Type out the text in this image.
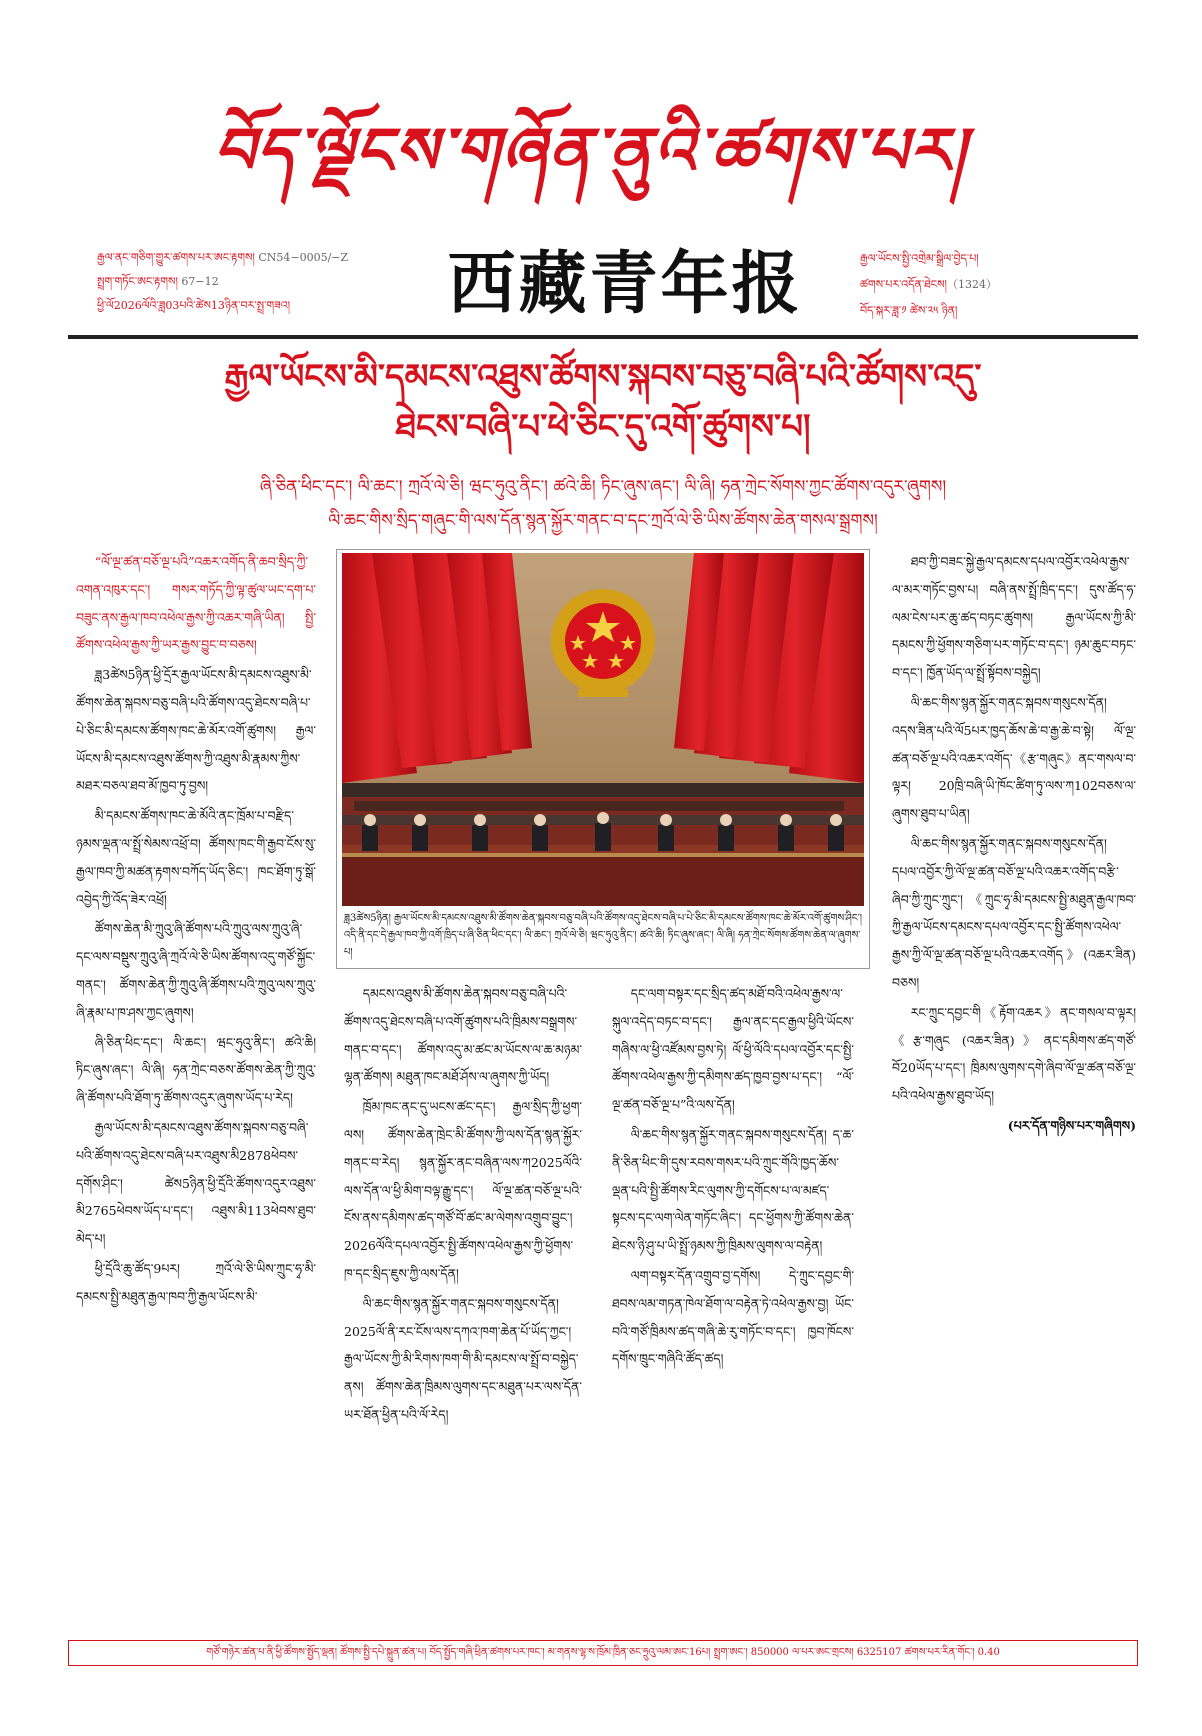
བོད་ལྗོངས་གཞོན་ནུའི་ཚགས་པར།
རྒྱལ་ནང་གཅིག་གྱུར་ཚགས་པར་ཨང་རྟགས། CN54−0005/−Z
སྤྲག་གཏོང་ཨང་རྟགས། 67−12
ཕྱི་ལོ2026ལོའི་ཟླ03པའི་ཚེས13ཉིན་བར་སྤྲ་གཟའ།	西藏青年报	རྒྱལ་ཡོངས་སྤྱི་འགྲེམ་སྒྲིལ་བྱེད་པ།
ཚགས་པར་འདོན་ཐེངས།（1324）
བོད་སྐར་ཟླ་༡ ཚེས་༢༥ ཉིན།
རྒྱལ་ཡོངས་མི་དམངས་འཐུས་ཚོགས་སྐབས་བཅུ་བཞི་པའི་ཚོགས་འདུ་
ཐེངས་བཞི་པ་ཕེ་ཅིང་དུ་འགོ་ཚུགས་པ།
ཞི་ཅིན་ཕིང་དང་། ལི་ཆང་། ཀྲའོ་ལེ་ཅི། ཝང་ཧུའུ་ནིང་། ཚའེ་ཆི། ཏིང་ཞུས་ཞང་། ལི་ཞི། ཧན་ཀྲེང་སོགས་ཀྱང་ཚོགས་འདུར་ཞུགས།
ལི་ཆང་གིས་སྲིད་གཞུང་གི་ལས་དོན་སྙན་སྐྱོར་གནང་བ་དང་ཀྲའོ་ལེ་ཅི་ཡིས་ཚོགས་ཆེན་གསལ་སྒྲགས།

“ལོ་ལྔ་ཚན་བཅོ་ལྔ་པའི”འཆར་འགོད་ནི་ཆབ་སྲིད་ཀྱི་འགན་འཁུར་དང་། གསར་གཏོད་ཀྱི་ལྟ་ཚུལ་ཡང་དག་པ་བཟུང་ནས་རྒྱལ་ཁབ་འཕེལ་རྒྱས་ཀྱི་འཆར་གཞི་ཡིན། སྤྱི་ཚོགས་འཕེལ་རྒྱས་ཀྱི་ཡར་རྒྱས་བྱུང་བ་བཅས།

ཟླ3ཚེས5ཉིན་ཕྱི་དྲོར་རྒྱལ་ཡོངས་མི་དམངས་འཐུས་མི་ཚོགས་ཆེན་སྐབས་བཅུ་བཞི་པའི་ཚོགས་འདུ་ཐེངས་བཞི་པ་པེ་ཅིང་མི་དམངས་ཚོགས་ཁང་ཆེ་མོར་འགོ་ཚུགས། རྒྱལ་ཡོངས་མི་དམངས་འཐུས་ཚོགས་ཀྱི་འཐུས་མི་རྣམས་ཀྱིས་མཐར་བཅལ་ཐབ་མོ་ཁྱབ་ཏུ་བྱས།

མི་དམངས་ཚོགས་ཁང་ཆེ་མོའི་ནང་ཁྲོམ་པ་བརྫིད་ཉམས་ལྡན་ལ་སྤྲོ་སེམས་འཕྲོ་བ། ཚོགས་ཁང་གི་རྒྱབ་ངོས་སུ་རྒྱལ་ཁབ་ཀྱི་མཚན་རྟགས་བཀོད་ཡོད་ཅིང་། ཁང་ཐོག་ཏུ་སྒོ་འབྱེད་ཀྱི་འོད་ཟེར་འཕྲོ།

ཚོགས་ཆེན་མི་ཀྲུའུ་ཞི་ཚོགས་པའི་ཀྲུའུ་ལས་ཀྲུའུ་ཞི་དང་ལས་བསྡུས་ཀྲུའུ་ཞི་ཀྲའོ་ལེ་ཅི་ཡིས་ཚོགས་འདུ་གཙོ་སྐྱོང་གནང་། ཚོགས་ཆེན་ཀྱི་ཀྲུའུ་ཞི་ཚོགས་པའི་ཀྲུའུ་ལས་ཀྲུའུ་ཞི་རྣམ་པ་ཁ་ཤས་ཀྱང་ཞུགས།

ཞི་ཅིན་ཕིང་དང་། ལི་ཆང་། ཝང་ཧུའུ་ནིང་། ཚའེ་ཆི། ཏིང་ཞུས་ཞང་། ལི་ཞི། ཧན་ཀྲེང་བཅས་ཚོགས་ཆེན་ཀྱི་ཀྲུའུ་ཞི་ཚོགས་པའི་ཐོག་ཏུ་ཚོགས་འདུར་ཞུགས་ཡོད་པ་རེད།

རྒྱལ་ཡོངས་མི་དམངས་འཐུས་ཚོགས་སྐབས་བཅུ་བཞི་པའི་ཚོགས་འདུ་ཐེངས་བཞི་པར་འཐུས་མི2878ཕེབས་དགོས་ཤིང་། ཚེས5ཉིན་ཕྱི་དྲོའི་ཚོགས་འདུར་འཐུས་མི2765ཕེབས་ཡོད་པ་དང་། འཐུས་མི113ཕེབས་ཐུབ་མེད་པ།

ཕྱི་དྲོའི་ཆུ་ཚོད་9པར། ཀྲའོ་ལེ་ཅི་ཡིས་ཀྲུང་ཧྭ་མི་དམངས་སྤྱི་མཐུན་རྒྱལ་ཁབ་ཀྱི་རྒྱལ་ཡོངས་མི་

ཟླ3ཚེས5ཉིན། རྒྱལ་ཡོངས་མི་དམངས་འཐུས་མི་ཚོགས་ཆེན་སྐབས་བཅུ་བཞི་པའི་ཚོགས་འདུ་ཐེངས་བཞི་པ་པེ་ཅིང་མི་དམངས་ཚོགས་ཁང་ཆེ་མོར་འགོ་ཚུགས་ཤིང་། འདི་ནི་དང་དེ་རྒྱལ་ཁབ་ཀྱི་འགོ་ཁྲིད་པ་ཞི་ཅིན་ཕིང་དང་། ལི་ཆང་། ཀྲའོ་ལེ་ཅི། ཝང་ཧུའུ་ནིང་། ཚའེ་ཆི། ཏིང་ཞུས་ཞང་། ལི་ཞི། ཧན་ཀྲེང་སོགས་ཚོགས་ཆེན་ལ་ཞུགས་པ།

དམངས་འཐུས་མི་ཚོགས་ཆེན་སྐབས་བཅུ་བཞི་པའི་ཚོགས་འདུ་ཐེངས་བཞི་པ་འགོ་ཚུགས་པའི་ཁྲིམས་བསྒྲགས་གནང་བ་དང་། ཚོགས་འདུ་མ་ཚང་མ་ཡོངས་ལ་ཆ་མཉམ་ལྷན་ཚོགས། མཐུན་ཁང་མཐོ་ཤོས་ལ་ཞུགས་ཀྱི་ཡོད།

ཁྲོམ་ཁང་ནང་དུ་ཡངས་ཚང་དང་། རྒྱལ་སྲིད་ཀྱི་ཕྱག་ལས། ཚོགས་ཆེན་ཁྲེང་མི་ཚོགས་ཀྱི་ལས་དོན་སྙན་སྐྱོར་གནང་བ་རེད། སྙན་སྐྱོར་ནང་བཞིན་ལས་ཀ2025ལོའི་ལས་དོན་ལ་ཕྱི་མིག་བལྟ་རྒྱུ་དང་། ལོ་ལྔ་ཚན་བཅོ་ལྔ་པའི་ངོས་ནས་དམིགས་ཚད་གཙོ་བོ་ཚང་མ་ལེགས་འགྲུབ་བྱུང་། 2026ལོའི་དཔལ་འབྱོར་སྤྱི་ཚོགས་འཕེལ་རྒྱས་ཀྱི་ཕྱོགས་ཁ་དང་སྲིད་ཇུས་ཀྱི་ལས་དོན།

ལི་ཆང་གིས་སྙན་སྐྱོར་གནང་སྐབས་གསུངས་དོན། 2025ལོ་ནི་རང་ངོས་ལས་དཀའ་ཁག་ཆེན་པོ་ཡོད་ཀྱང་། རྒྱལ་ཡོངས་ཀྱི་མི་རིགས་ཁག་གི་མི་དམངས་ལ་སྤྲོ་བ་བསྐྱེད་ནས། ཚོགས་ཆེན་ཁྲིམས་ལུགས་དང་མཐུན་པར་ལས་དོན་ཡར་ཐོན་ཕྱིན་པའི་ལོ་རེད།

དང་ལག་བསྟར་དང་སྲིད་ཚད་མཐོ་བའི་འཕེལ་རྒྱས་ལ་སྐུལ་འདེད་བཏང་བ་དང་། རྒྱལ་ནང་དང་རྒྱལ་ཕྱིའི་ཡོངས་གཞིས་ལ་ཕྱི་འཛོམས་བྱས་ཏེ། ལོ་ཕྱི་ལོའི་དཔལ་འབྱོར་དང་སྤྱི་ཚོགས་འཕེལ་རྒྱས་ཀྱི་དམིགས་ཚད་ཁྱབ་བྱས་པ་དང་། “ལོ་ལྔ་ཚན་བཅོ་ལྔ་པ”འི་ལས་དོན།

ལི་ཆང་གིས་སྙན་སྐྱོར་གནང་སྐབས་གསུངས་དོན། ད་ཆ་ནི་ཅིན་ཕིང་གི་དུས་རབས་གསར་པའི་ཀྲུང་གོའི་ཁྱད་ཆོས་ལྡན་པའི་སྤྱི་ཚོགས་རིང་ལུགས་ཀྱི་དགོངས་པ་ལ་མཛད་སྟངས་དང་ལག་ལེན་གཏོང་ཞིང་། དང་ཕྱོགས་ཀྱི་ཚོགས་ཆེན་ཐེངས་ཉི་ཤུ་པ་ཡི་སྤྲོ་ཉམས་ཀྱི་ཁྲིམས་ལུགས་ལ་བརྟེན།

ལག་བསྟར་དོན་འགྲུབ་བྱ་དགོས། དེ་ཀྲུང་དབྱང་གི་ཐབས་ལམ་གཏན་ཁེལ་ཐོག་ལ་བརྟེན་ཏེ་འཕེལ་རྒྱས་བྱ། ཡོང་བའི་གཙོ་ཁྲིམས་ཚད་གཞི་ཆེ་རུ་གཏོང་བ་དང་། ཁྱབ་ཁོངས་དགོས་ཁྲུང་གཞིའི་ཚོད་ཚད།

ཐབ་ཀྱི་བཟང་སྐྱེ་རྒྱལ་དམངས་དཔལ་འབྱོར་འཕེལ་རྒྱས་ལ་མར་གཏོང་བྱས་པ། བཞི་ནས་སྤྲོ་ཁྲིད་དང་། དུས་ཚོད་ཧ་ལམ་ངེས་པར་ཆུ་ཚད་བཏང་ཚུགས། རྒྱལ་ཡོངས་ཀྱི་མི་དམངས་ཀྱི་ཕྱོགས་གཅིག་པར་གཏོང་བ་དང་། ཉམ་ཆུང་བཏང་བ་དང་། ཁྱོན་ཡོད་ལ་སྤྲོ་སྟོབས་བསྐྱེད།

ལི་ཆང་གིས་སྙན་སྐྱོར་གནང་སྐབས་གསུངས་དོན། འདས་ཟིན་པའི་ལོ5པར་ཁྱད་ཆོས་ཆེ་བ་རྒྱ་ཆེ་བ་སྟེ། ལོ་ལྔ་ཚན་བཅོ་ལྔ་པའི་འཆར་འགོད་《རྩ་གཞུང》ནང་གསལ་བ་ལྟར། 20ཁྲི་བཞི་ཡི་ཁོང་ཚིག་ཏུ་ལས་ཀ102བཅས་ལ་ཞུགས་ཐུབ་པ་ཡིན།

ལི་ཆང་གིས་སྙན་སྐྱོར་གནང་སྐབས་གསུངས་དོན། དཔལ་འབྱོར་ཀྱི་ལོ་ལྔ་ཚན་བཅོ་ལྔ་པའི་འཆར་འགོད་བརྩི་ཞིབ་ཀྱི་ཀྲུང་ཀྲུང་། 《ཀྲུང་ཧྭ་མི་དམངས་སྤྱི་མཐུན་རྒྱལ་ཁབ་ཀྱི་རྒྱལ་ཡོངས་དམངས་དཔལ་འབྱོར་དང་སྤྱི་ཚོགས་འཕེལ་རྒྱས་ཀྱི་ལོ་ལྔ་ཚན་བཅོ་ལྔ་པའི་འཆར་འགོད》(འཆར་ཟིན) བཅས།

རང་ཀྲུང་དབྱང་གི《རྟོག་འཆར》ནང་གསལ་བ་ལྟར། 《རྩ་གཞུང (འཆར་ཟིན)》ནང་དམིགས་ཚད་གཙོ་བོ20ཡོད་པ་དང་། ཁྲིམས་ལུགས་དགེ་ཞིབ་ལོ་ལྔ་ཚན་བཅོ་ལྔ་པའི་འཕེལ་རྒྱས་ཐུབ་ཡོད།

(པར་དོན་གཉིས་པར་གཞིགས)

གཙོ་གཉེར་ཚན་པ་ནི་ཕྱི་ཚོགས་སྤྱོད་ལྡན། ཚོགས་སྤྱི་དཔེ་སྐྲུན་ཚན་པ། བོད་སྤྱོད་གཞི་ཕྲིན་ཚགས་པར་ཁང་། མ་གནས་ལྷ་ས་ཁྲོམ་ཁྲིན་ཅང་ཧྲུའུ་ལམ་ཨང་16པ། སྤྲག་ཨང་། 850000 ལ་པར་ཨང་གྲངས། 6325107 ཚགས་པར་རིན་གོང་། 0.40
